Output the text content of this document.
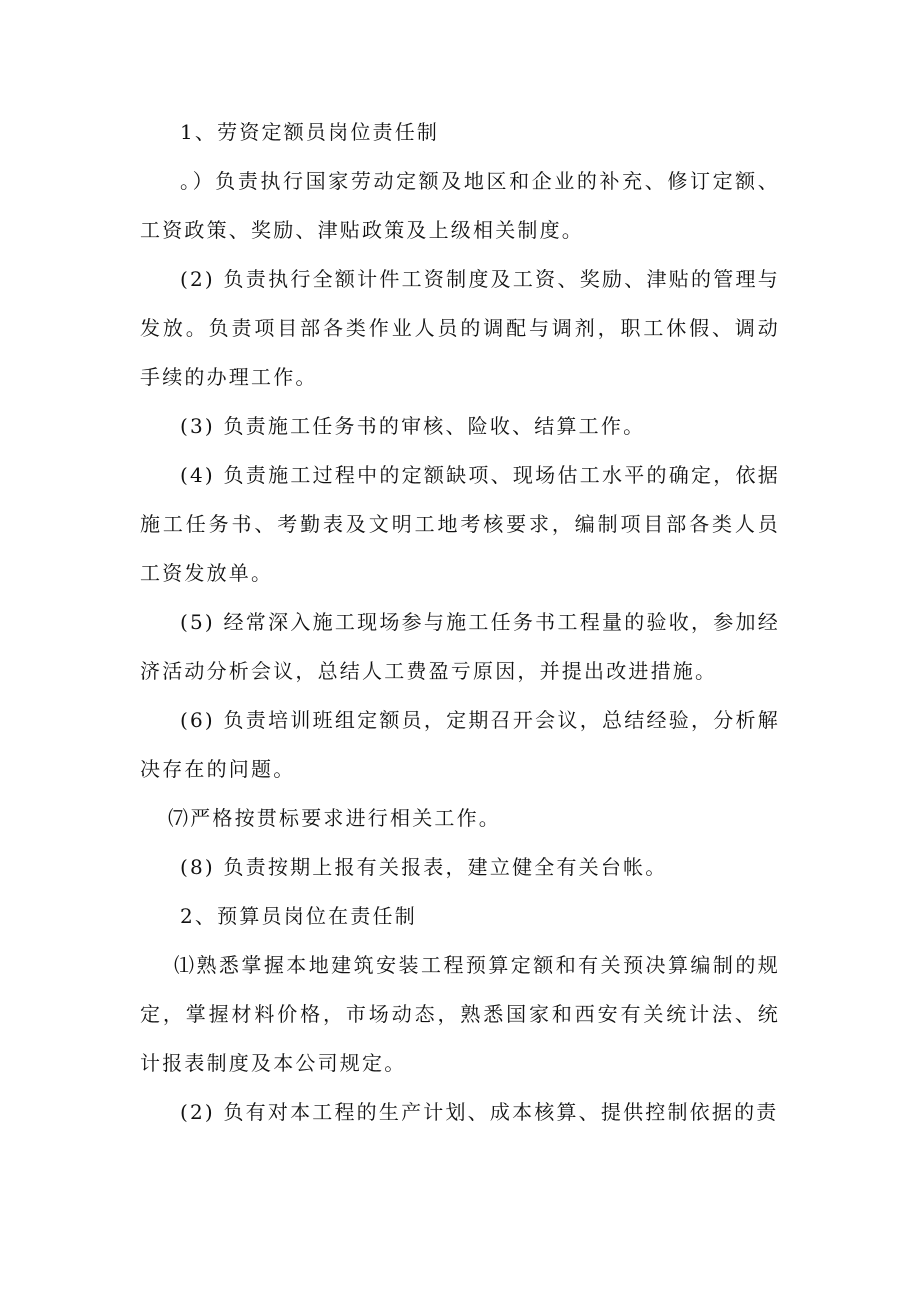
1、劳资定额员岗位责任制

。）负责执行国家劳动定额及地区和企业的补充、修订定额、工资政策、奖励、津贴政策及上级相关制度。

(2) 负责执行全额计件工资制度及工资、奖励、津贴的管理与发放。负责项目部各类作业人员的调配与调剂，职工休假、调动手续的办理工作。

(3) 负责施工任务书的审核、险收、结算工作。

(4) 负责施工过程中的定额缺项、现场估工水平的确定，依据施工任务书、考勤表及文明工地考核要求，编制项目部各类人员工资发放单。

(5) 经常深入施工现场参与施工任务书工程量的验收，参加经济活动分析会议，总结人工费盈亏原因，并提出改进措施。

(6) 负责培训班组定额员，定期召开会议，总结经验，分析解决存在的问题。

⑺严格按贯标要求进行相关工作。

(8) 负责按期上报有关报表，建立健全有关台帐。

2、预算员岗位在责任制

⑴熟悉掌握本地建筑安装工程预算定额和有关预决算编制的规定，掌握材料价格，市场动态，熟悉国家和西安有关统计法、统计报表制度及本公司规定。

(2) 负有对本工程的生产计划、成本核算、提供控制依据的责
